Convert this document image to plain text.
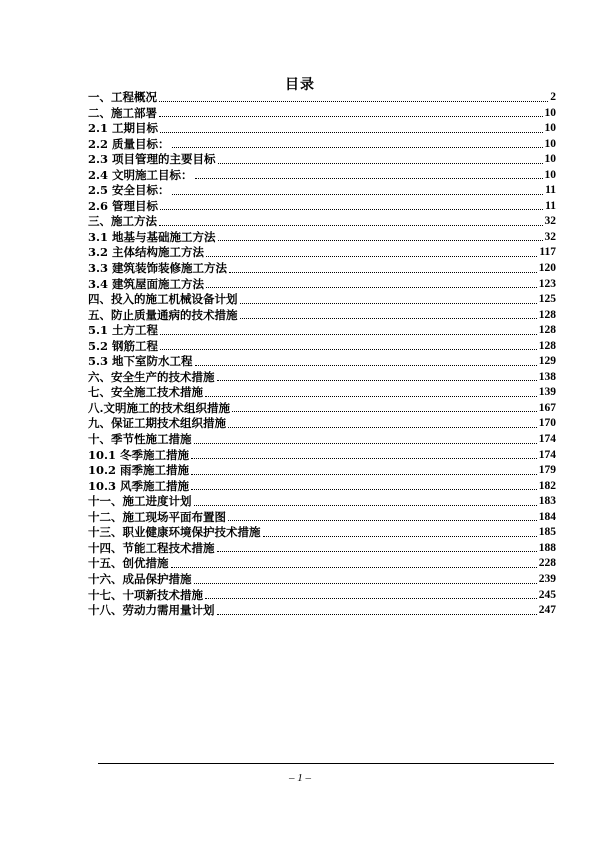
目录
一、工程概况	2
二、施工部署	10
2.1 工期目标	10
2.2 质量目标：	10
2.3 项目管理的主要目标	10
2.4 文明施工目标：	10
2.5 安全目标：	11
2.6 管理目标	11
三、施工方法	32
3.1 地基与基础施工方法	32
3.2 主体结构施工方法	117
3.3 建筑装饰装修施工方法	120
3.4 建筑屋面施工方法	123
四、投入的施工机械设备计划	125
五、防止质量通病的技术措施	128
5.1 土方工程	128
5.2 钢筋工程	128
5.3 地下室防水工程	129
六、安全生产的技术措施	138
七、安全施工技术措施	139
八.文明施工的技术组织措施	167
九、保证工期技术组织措施	170
十、季节性施工措施	174
10.1 冬季施工措施	174
10.2 雨季施工措施	179
10.3 风季施工措施	182
十一、施工进度计划	183
十二、施工现场平面布置图	184
十三、职业健康环境保护技术措施	185
十四、节能工程技术措施	188
十五、创优措施	228
十六、成品保护措施	239
十七、十项新技术措施	245
十八、劳动力需用量计划	247
– 1 –
